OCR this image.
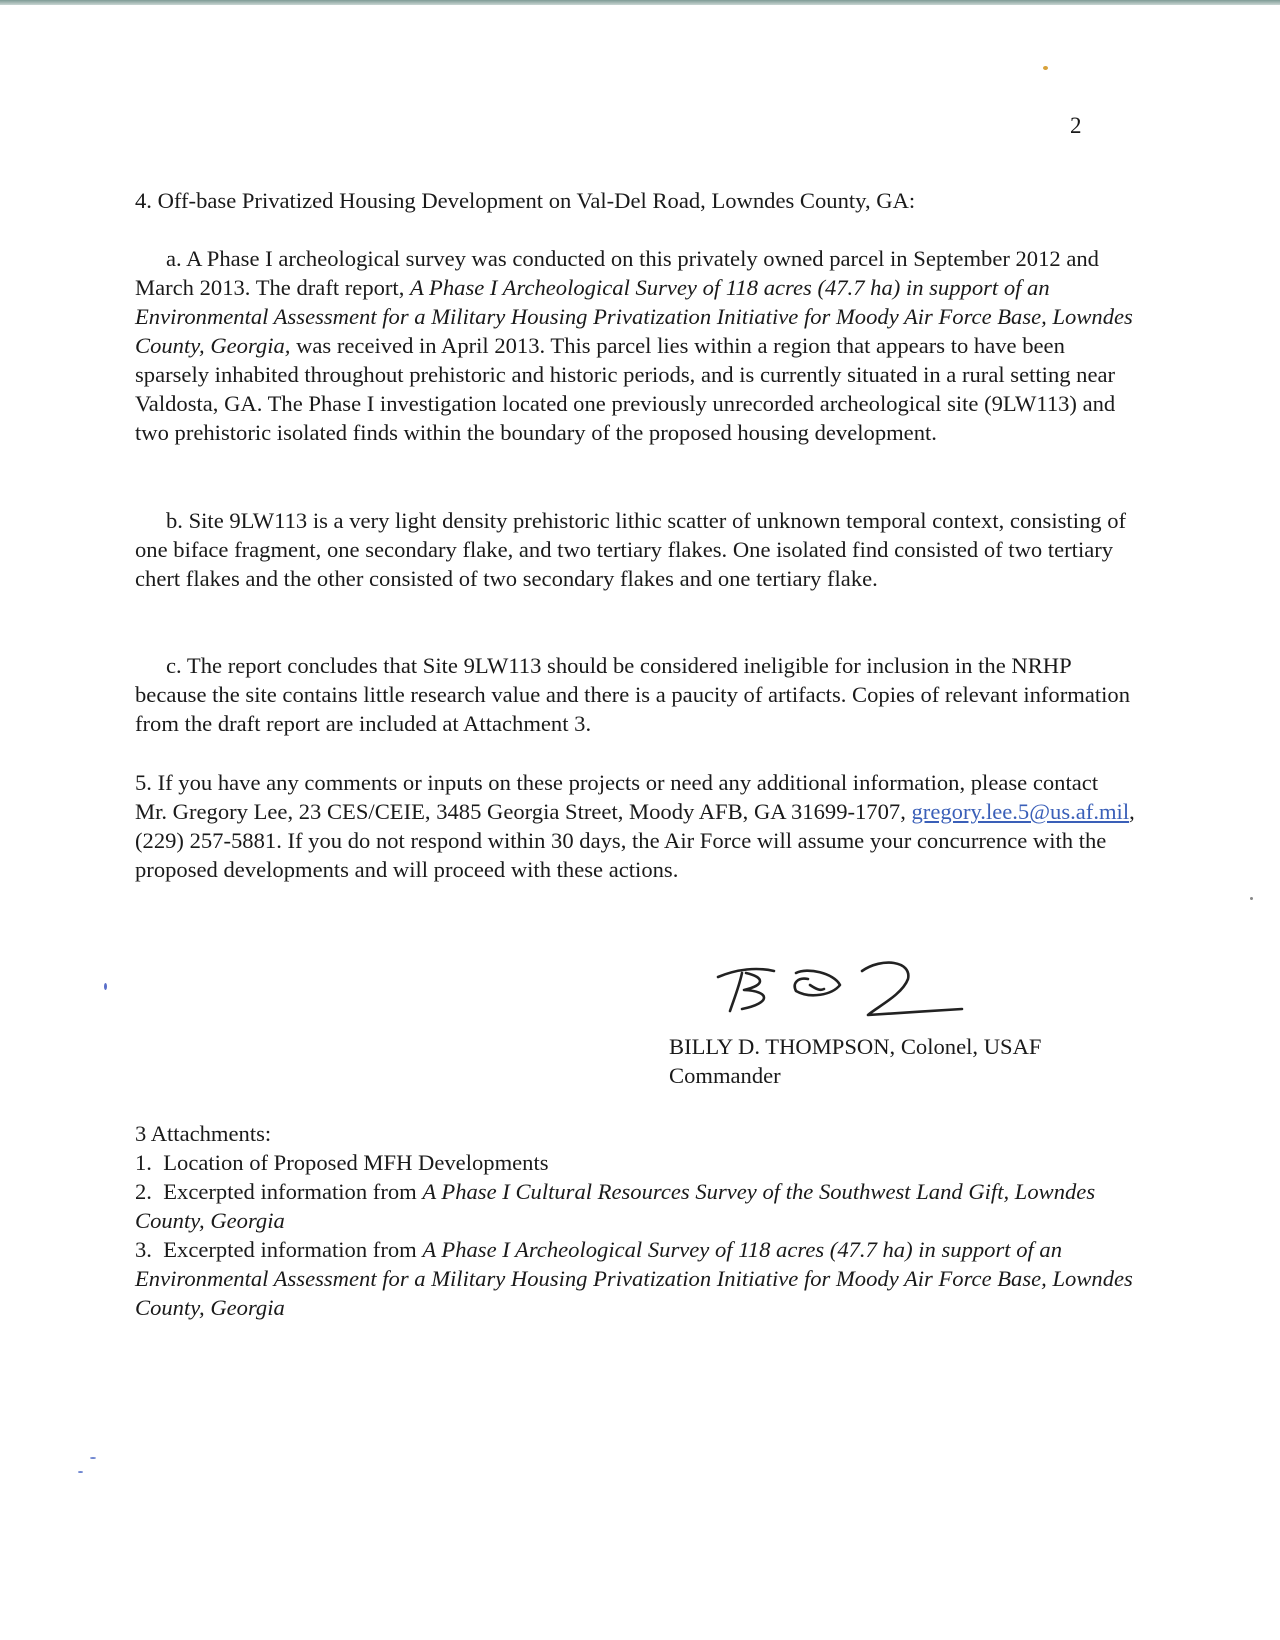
2

4. Off-base Privatized Housing Development on Val-Del Road, Lowndes County, GA:

a. A Phase I archeological survey was conducted on this privately owned parcel in September 2012 and March 2013. The draft report, A Phase I Archeological Survey of 118 acres (47.7 ha) in support of an Environmental Assessment for a Military Housing Privatization Initiative for Moody Air Force Base, Lowndes County, Georgia, was received in April 2013. This parcel lies within a region that appears to have been sparsely inhabited throughout prehistoric and historic periods, and is currently situated in a rural setting near Valdosta, GA. The Phase I investigation located one previously unrecorded archeological site (9LW113) and two prehistoric isolated finds within the boundary of the proposed housing development.

b. Site 9LW113 is a very light density prehistoric lithic scatter of unknown temporal context, consisting of one biface fragment, one secondary flake, and two tertiary flakes. One isolated find consisted of two tertiary chert flakes and the other consisted of two secondary flakes and one tertiary flake.

c. The report concludes that Site 9LW113 should be considered ineligible for inclusion in the NRHP because the site contains little research value and there is a paucity of artifacts. Copies of relevant information from the draft report are included at Attachment 3.

5. If you have any comments or inputs on these projects or need any additional information, please contact Mr. Gregory Lee, 23 CES/CEIE, 3485 Georgia Street, Moody AFB, GA 31699-1707, gregory.lee.5@us.af.mil, (229) 257-5881. If you do not respond within 30 days, the Air Force will assume your concurrence with the proposed developments and will proceed with these actions.

BILLY D. THOMPSON, Colonel, USAF
Commander

3 Attachments:

1. Location of Proposed MFH Developments

2. Excerpted information from A Phase I Cultural Resources Survey of the Southwest Land Gift, Lowndes County, Georgia

3. Excerpted information from A Phase I Archeological Survey of 118 acres (47.7 ha) in support of an Environmental Assessment for a Military Housing Privatization Initiative for Moody Air Force Base, Lowndes County, Georgia
